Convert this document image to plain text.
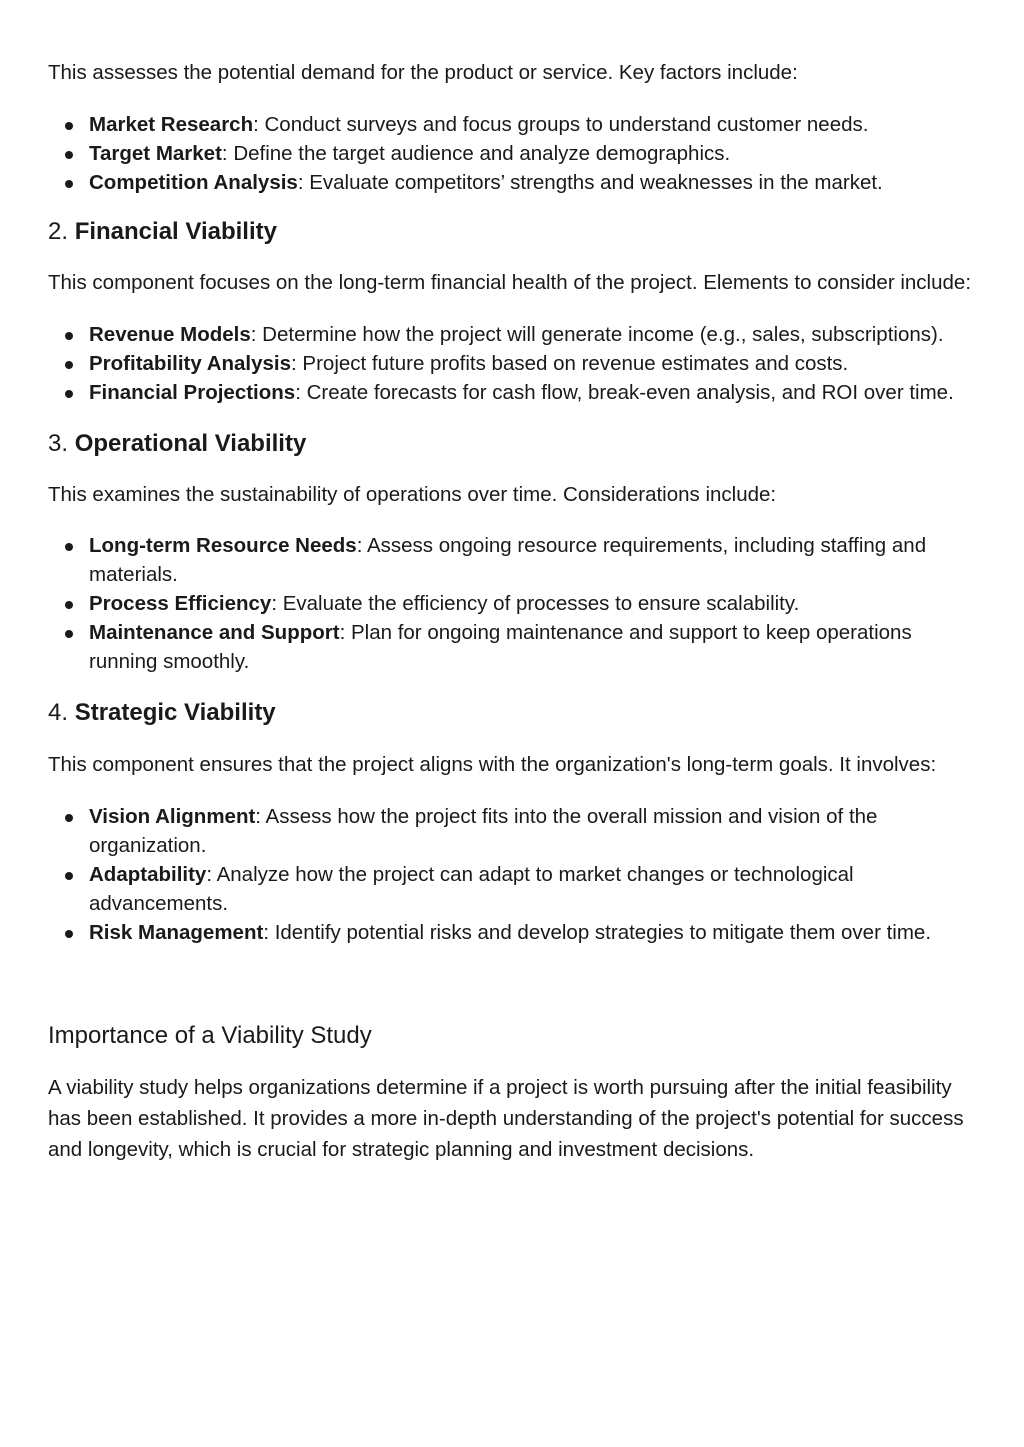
This assesses the potential demand for the product or service. Key factors include:

Market Research: Conduct surveys and focus groups to understand customer needs.
Target Market: Define the target audience and analyze demographics.
Competition Analysis: Evaluate competitors’ strengths and weaknesses in the market.
2. Financial Viability

This component focuses on the long-term financial health of the project. Elements to consider include:

Revenue Models: Determine how the project will generate income (e.g., sales, subscriptions).
Profitability Analysis: Project future profits based on revenue estimates and costs.
Financial Projections: Create forecasts for cash flow, break-even analysis, and ROI over time.
3. Operational Viability

This examines the sustainability of operations over time. Considerations include:

Long-term Resource Needs: Assess ongoing resource requirements, including staffing and materials.
Process Efficiency: Evaluate the efficiency of processes to ensure scalability.
Maintenance and Support: Plan for ongoing maintenance and support to keep operations running smoothly.
4. Strategic Viability

This component ensures that the project aligns with the organization's long-term goals. It involves:

Vision Alignment: Assess how the project fits into the overall mission and vision of the organization.
Adaptability: Analyze how the project can adapt to market changes or technological advancements.
Risk Management: Identify potential risks and develop strategies to mitigate them over time.
Importance of a Viability Study

A viability study helps organizations determine if a project is worth pursuing after the initial feasibility has been established. It provides a more in-depth understanding of the project's potential for success and longevity, which is crucial for strategic planning and investment decisions.
